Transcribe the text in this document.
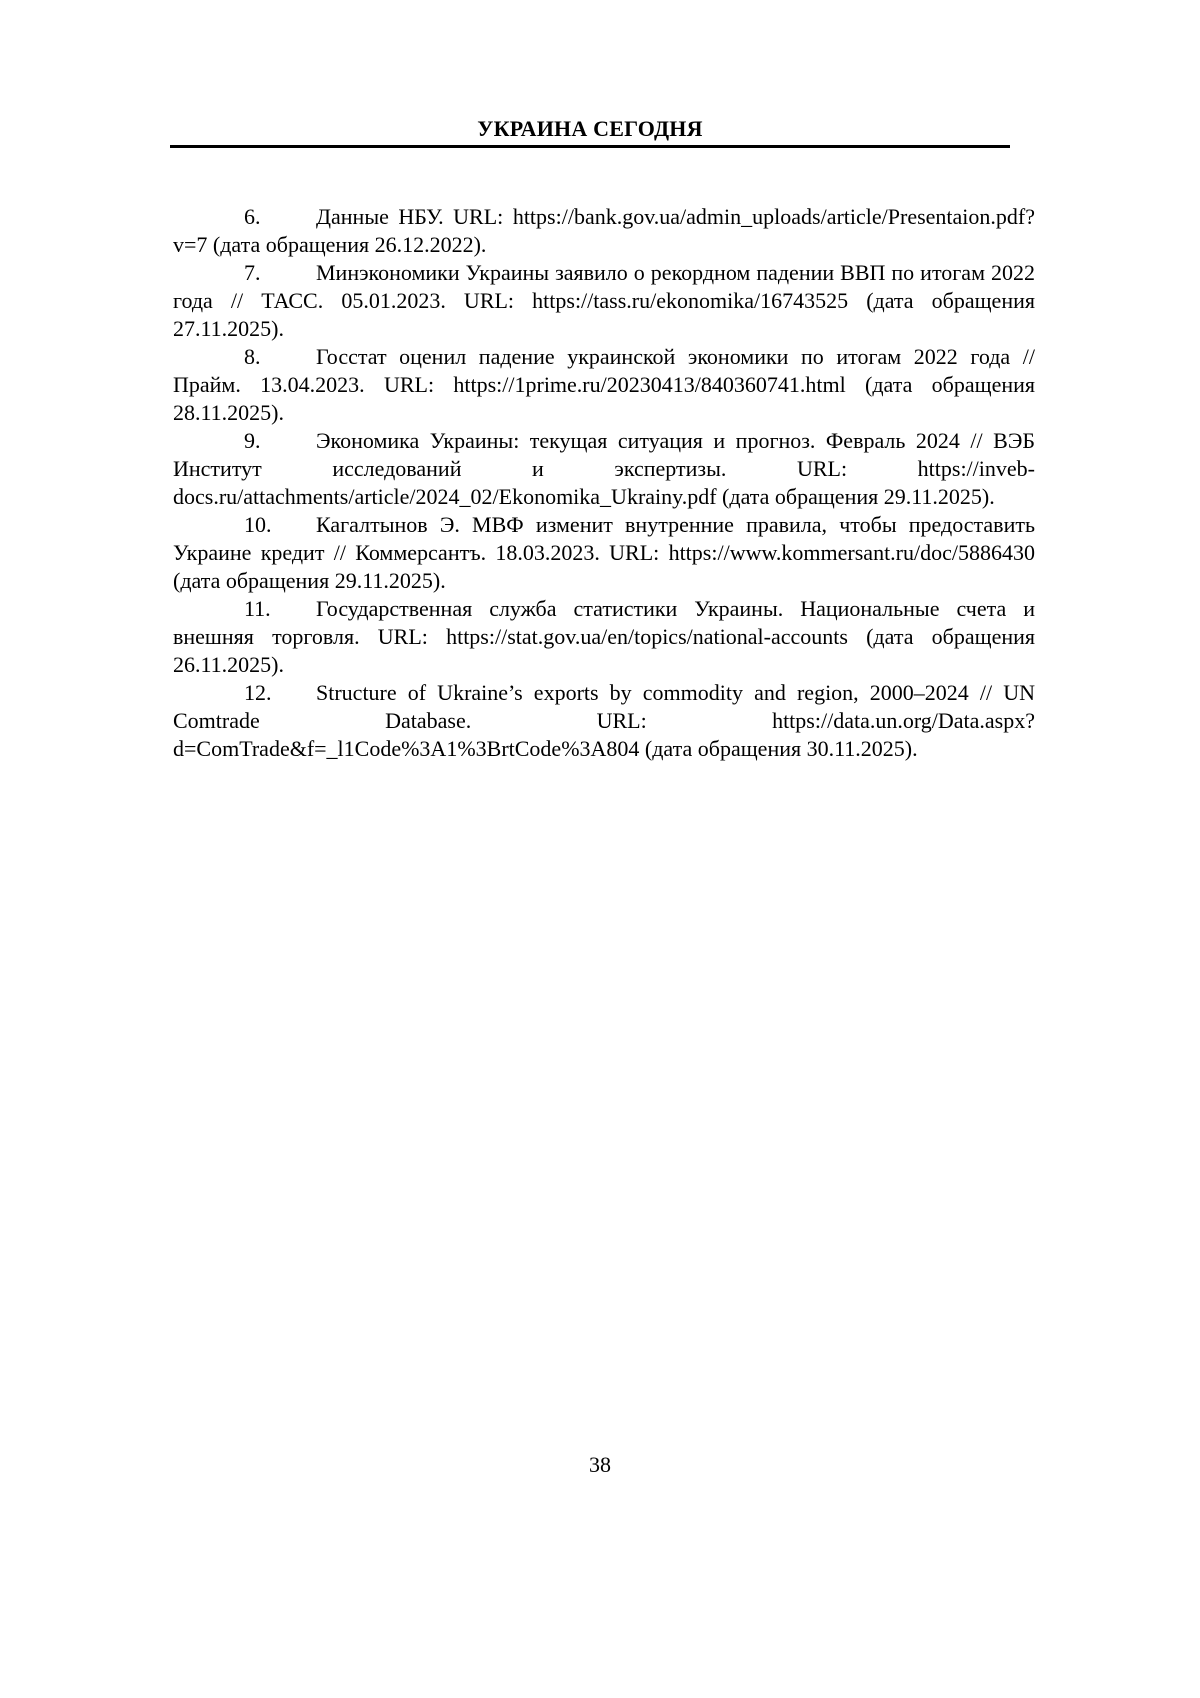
УКРАИНА СЕГОДНЯ
6.	Данные НБУ. URL: https://bank.gov.ua/admin_uploads/article/Presentaion.pdf?v=7 (дата обращения 26.12.2022).
7.	Минэкономики Украины заявило о рекордном падении ВВП по итогам 2022 года // ТАСС. 05.01.2023. URL: https://tass.ru/ekonomika/16743525 (дата обращения 27.11.2025).
8.	Госстат оценил падение украинской экономики по итогам 2022 года // Прайм. 13.04.2023. URL: https://1prime.ru/20230413/840360741.html (дата обращения 28.11.2025).
9.	Экономика Украины: текущая ситуация и прогноз. Февраль 2024 // ВЭБ Институт исследований и экспертизы. URL: https://inveb-docs.ru/attachments/article/2024_02/Ekonomika_Ukrainy.pdf (дата обращения 29.11.2025).
10. Кагалтынов Э. МВФ изменит внутренние правила, чтобы предоставить Украине кредит // Коммерсантъ. 18.03.2023. URL: https://www.kommersant.ru/doc/5886430 (дата обращения 29.11.2025).
11. Государственная служба статистики Украины. Национальные счета и внешняя торговля. URL: https://stat.gov.ua/en/topics/national-accounts (дата обращения 26.11.2025).
12. Structure of Ukraine’s exports by commodity and region, 2000–2024 // UN Comtrade Database. URL: https://data.un.org/Data.aspx?d=ComTrade&f=_l1Code%3A1%3BrtCode%3A804 (дата обращения 30.11.2025).
38
